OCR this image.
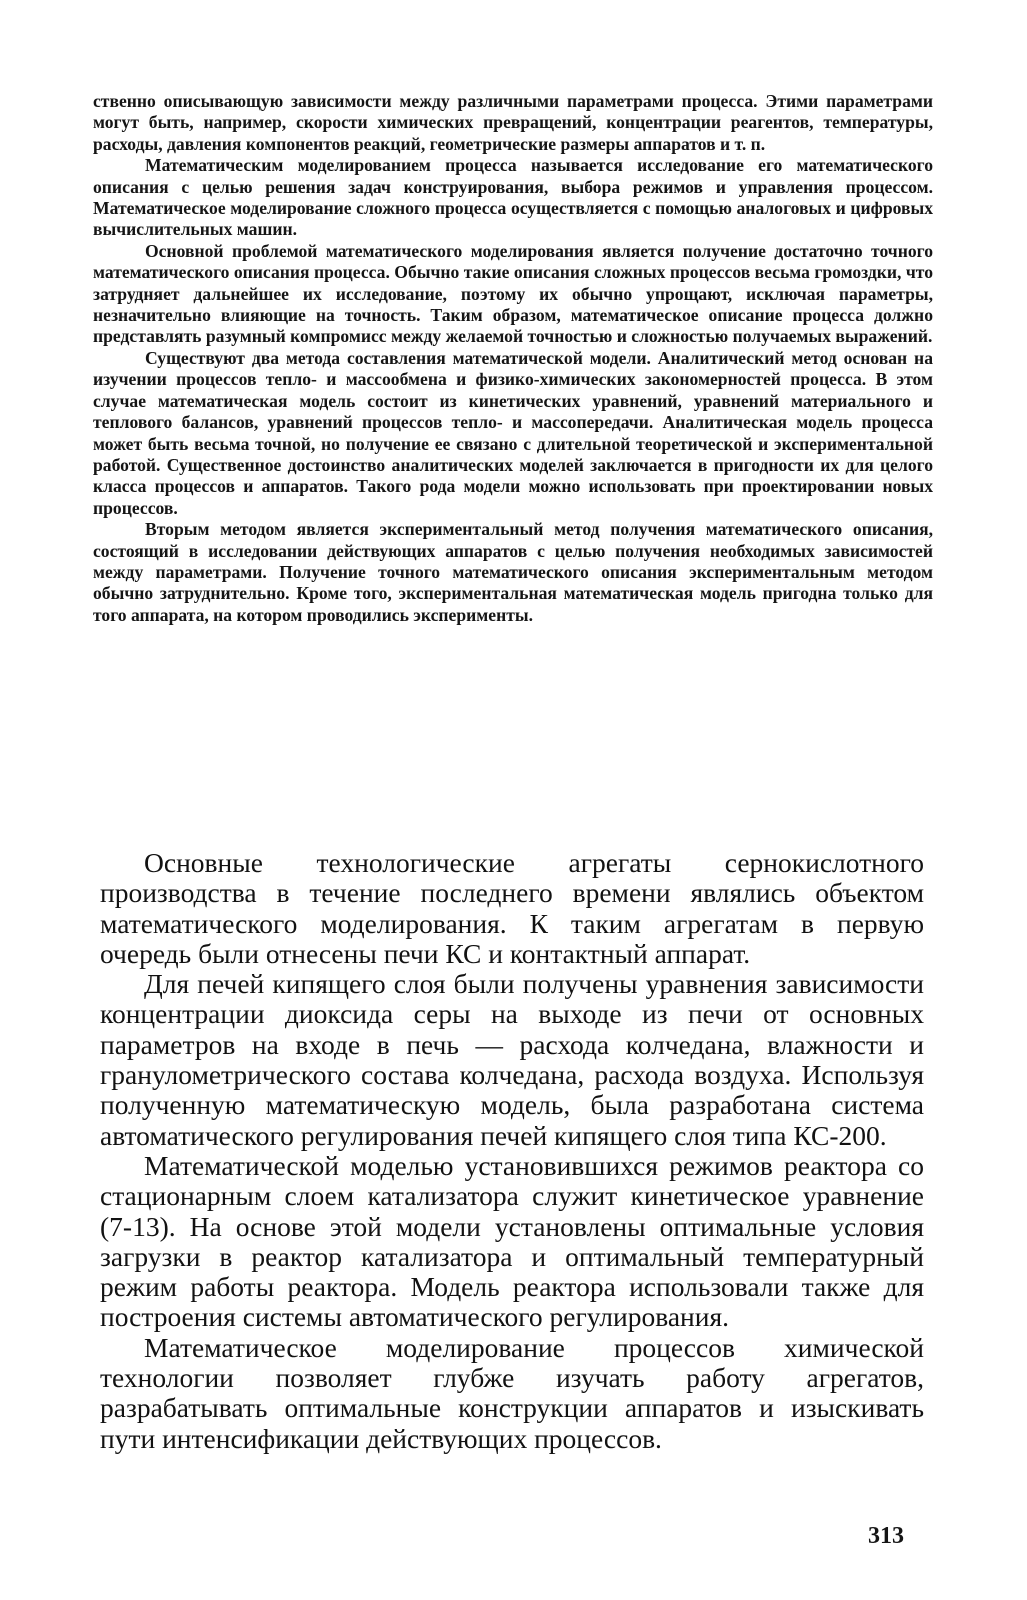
ственно описывающую зависимости между различными параметрами процесса. Этими параметрами могут быть, например, скорости химических превращений, концентрации реагентов, температуры, расходы, давления компонентов реакций, геометрические размеры аппаратов и т. п.

Математическим моделированием процесса называется исследование его математического описания с целью решения задач конструирования, выбора режимов и управления процессом. Математическое моделирование сложного процесса осуществляется с помощью аналоговых и цифровых вычислительных машин.

Основной проблемой математического моделирования является получение достаточно точного математического описания процесса. Обычно такие описания сложных процессов весьма громоздки, что затрудняет дальнейшее их исследование, поэтому их обычно упрощают, исключая параметры, незначительно влияющие на точность. Таким образом, математическое описание процесса должно представлять разумный компромисс между желаемой точностью и сложностью получаемых выражений.

Существуют два метода составления математической модели. Аналитический метод основан на изучении процессов тепло- и массообмена и физико-химических закономерностей процесса. В этом случае математическая модель состоит из кинетических уравнений, уравнений материального и теплового балансов, уравнений процессов тепло- и массопередачи. Аналитическая модель процесса может быть весьма точной, но получение ее связано с длительной теоретической и экспериментальной работой. Существенное достоинство аналитических моделей заключается в пригодности их для целого класса процессов и аппаратов. Такого рода модели можно использовать при проектировании новых процессов.

Вторым методом является экспериментальный метод получения математического описания, состоящий в исследовании действующих аппаратов с целью получения необходимых зависимостей между параметрами. Получение точного математического описания экспериментальным методом обычно затруднительно. Кроме того, экспериментальная математическая модель пригодна только для того аппарата, на котором проводились эксперименты.

Основные технологические агрегаты сернокислотного производства в течение последнего времени являлись объектом математического моделирования. К таким агрегатам в первую очередь были отнесены печи КС и контактный аппарат.

Для печей кипящего слоя были получены уравнения зависимости концентрации диоксида серы на выходе из печи от основных параметров на входе в печь — расхода колчедана, влажности и гранулометрического состава колчедана, расхода воздуха. Используя полученную математическую модель, была разработана система автоматического регулирования печей кипящего слоя типа КС-200.

Математической моделью установившихся режимов реактора со стационарным слоем катализатора служит кинетическое уравнение (7-13). На основе этой модели установлены оптимальные условия загрузки в реактор катализатора и оптимальный температурный режим работы реактора. Модель реактора использовали также для построения системы автоматического регулирования.

Математическое моделирование процессов химической технологии позволяет глубже изучать работу агрегатов, разрабатывать оптимальные конструкции аппаратов и изыскивать пути интенсификации действующих процессов.

313
